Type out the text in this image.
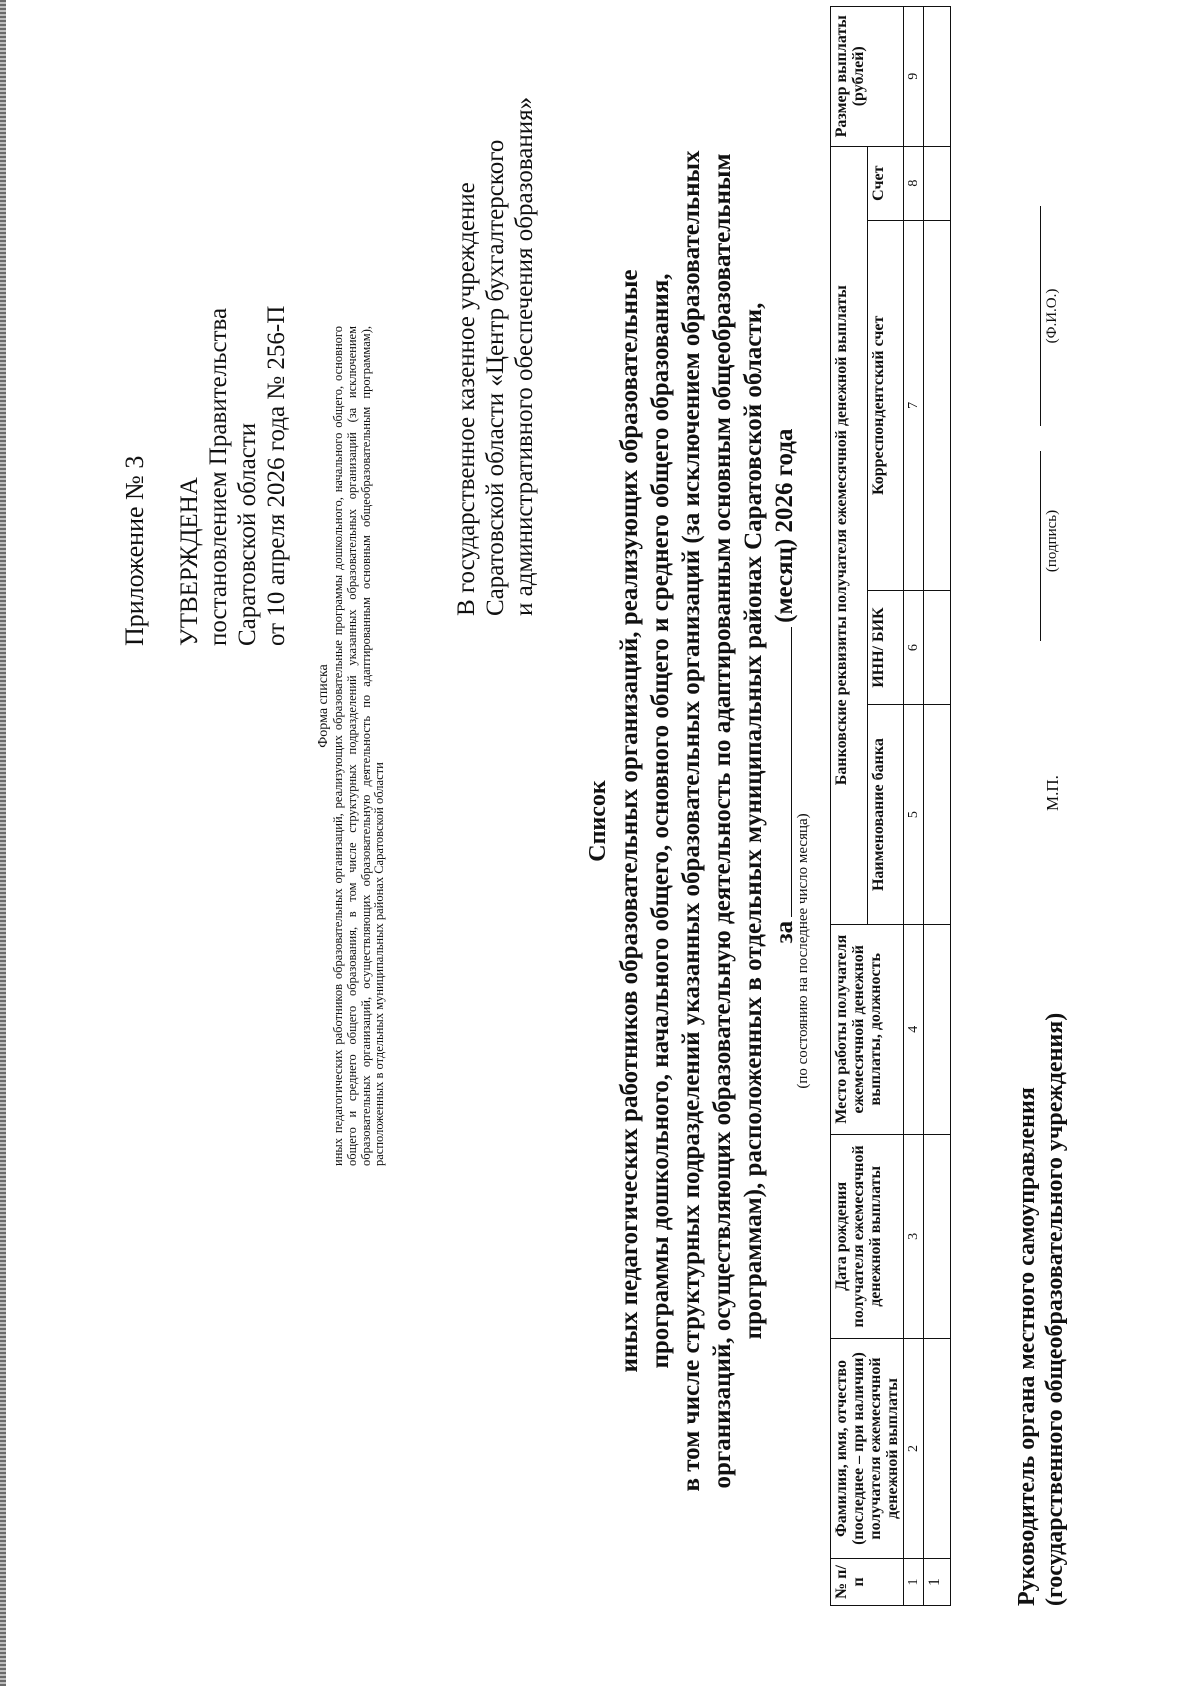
Приложение № 3 УТВЕРЖДЕНА постановлением Правительства Саратовской области от 10 апреля 2026 года № 256-П
Форма списка иных педагогических работников образовательных организаций, реализующих образовательные программы дошкольного, начального общего, основного общего и среднего общего образования, в том числе структурных подразделений указанных образовательных организаций (за исключением образовательных организаций, осуществляющих образовательную деятельность по адаптированным основным общеобразовательным программам), расположенных в отдельных муниципальных районах Саратовской области
В государственное казенное учреждение Саратовской области «Центр бухгалтерского и административного обеспечения образования»
Список иных педагогических работников образовательных организаций, реализующих образовательные программы дошкольного, начального общего, основного общего и среднего общего образования, в том числе структурных подразделений указанных образовательных организаций (за исключением образовательных организаций, осуществляющих образовательную деятельность по адаптированным основным общеобразовательным программам), расположенных в отдельных муниципальных районах Саратовской области, за(месяц) 2026 года
(по состоянию на последнее число месяца)
№ п/п	Фамилия, имя, отчество (последнее – при наличии) получателя ежемесячной денежной выплаты	Дата рождения получателя ежемесячной денежной выплаты	Место работы получателя ежемесячной денежной выплаты, должность	Банковские реквизиты получателя ежемесячной денежной выплаты				Размер выплаты (рублей)
				Наименование банка	ИНН/ БИК	Корреспондентский счет	Счет	
1	2	3	4	5	6	7	8	9
1									Руководитель органа местного самоуправления (государственного общеобразовательного учреждения)
М.П.
(подпись)
(Ф.И.О.)
